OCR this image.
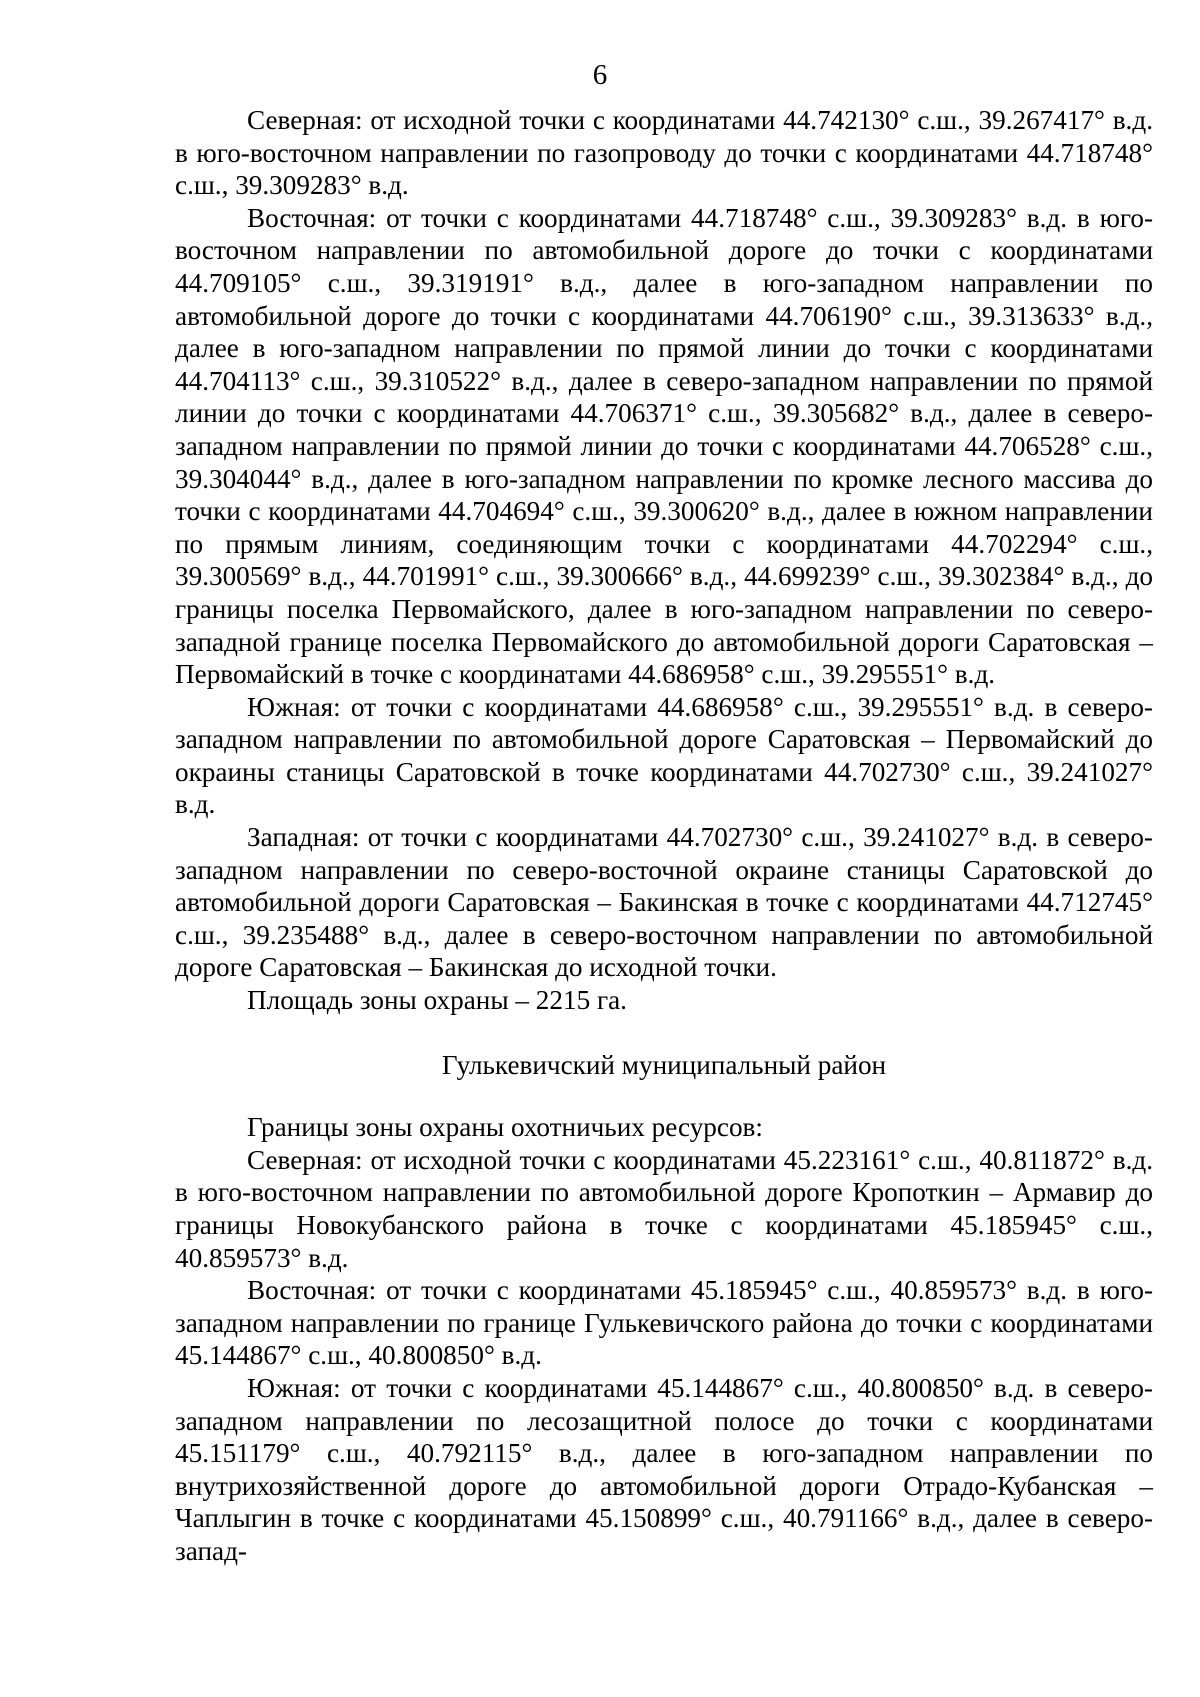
6

Северная: от исходной точки с координатами 44.742130° с.ш., 39.267417° в.д. в юго-восточном направлении по газопроводу до точки с координатами 44.718748° с.ш., 39.309283° в.д.

Восточная: от точки с координатами 44.718748° с.ш., 39.309283° в.д. в юго-восточном направлении по автомобильной дороге до точки с координатами 44.709105° с.ш., 39.319191° в.д., далее в юго-западном направлении по автомобильной дороге до точки с координатами 44.706190° с.ш., 39.313633° в.д., далее в юго-западном направлении по прямой линии до точки с координатами 44.704113° с.ш., 39.310522° в.д., далее в северо-западном направлении по прямой линии до точки с координатами 44.706371° с.ш., 39.305682° в.д., далее в северо-западном направлении по прямой линии до точки с координатами 44.706528° с.ш., 39.304044° в.д., далее в юго-западном направлении по кромке лесного массива до точки с координатами 44.704694° с.ш., 39.300620° в.д., далее в южном направлении по прямым линиям, соединяющим точки с координатами 44.702294° с.ш., 39.300569° в.д., 44.701991° с.ш., 39.300666° в.д., 44.699239° с.ш., 39.302384° в.д., до границы поселка Первомайского, далее в юго-западном направлении по северо-западной границе поселка Первомайского до автомобильной дороги Саратовская – Первомайский в точке с координатами 44.686958° с.ш., 39.295551° в.д.

Южная: от точки с координатами 44.686958° с.ш., 39.295551° в.д. в северо-западном направлении по автомобильной дороге Саратовская – Первомайский до окраины станицы Саратовской в точке координатами 44.702730° с.ш., 39.241027° в.д.

Западная: от точки с координатами 44.702730° с.ш., 39.241027° в.д. в северо-западном направлении по северо-восточной окраине станицы Саратовской до автомобильной дороги Саратовская – Бакинская в точке с координатами 44.712745° с.ш., 39.235488° в.д., далее в северо-восточном направлении по автомобильной дороге Саратовская – Бакинская до исходной точки.

Площадь зоны охраны – 2215 га.

Гулькевичский муниципальный район

Границы зоны охраны охотничьих ресурсов:

Северная: от исходной точки с координатами 45.223161° с.ш., 40.811872° в.д. в юго-восточном направлении по автомобильной дороге Кропоткин – Армавир до границы Новокубанского района в точке с координатами 45.185945° с.ш., 40.859573° в.д.

Восточная: от точки с координатами 45.185945° с.ш., 40.859573° в.д. в юго-западном направлении по границе Гулькевичского района до точки с координатами 45.144867° с.ш., 40.800850° в.д.

Южная: от точки с координатами 45.144867° с.ш., 40.800850° в.д. в северо-западном направлении по лесозащитной полосе до точки с координатами 45.151179° с.ш., 40.792115° в.д., далее в юго-западном направлении по внутрихозяйственной дороге до автомобильной дороги Отрадо-Кубанская – Чаплыгин в точке с координатами 45.150899° с.ш., 40.791166° в.д., далее в северо-запад-
